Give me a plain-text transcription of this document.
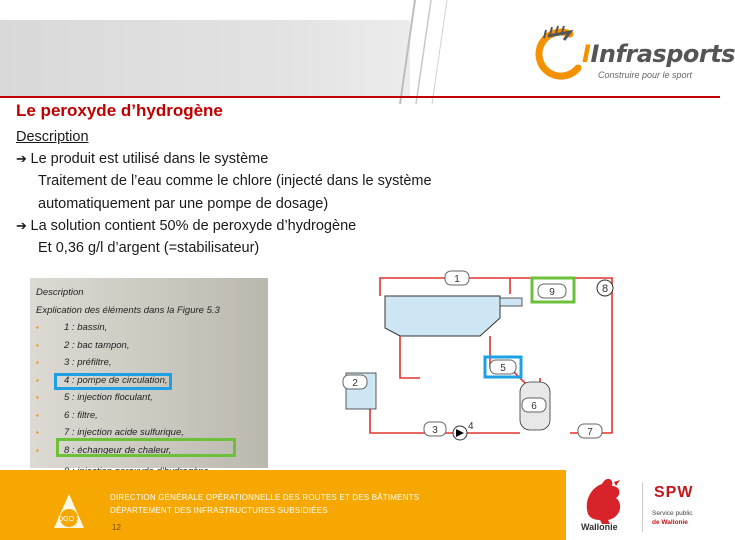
IInfrasports
Construire pour le sport
Le peroxyde d’hydrogène
Description
➔ Le produit est utilisé dans le système
Traitement de l’eau comme le chlore (injecté dans le système
automatiquement par une pompe de dosage)
➔ La solution contient 50% de peroxyde d’hydrogène
Et 0,36 g/l d’argent (=stabilisateur)
Description
Explication des éléments dans la Figure 5.3
▪	1 : bassin,
▪	2 : bac tampon,
▪	3 : préfiltre,
▪	4 : pompe de circulation,
▪	5 : injection floculant,
▪	6 : filtre,
▪	7 : injection acide sulfurique,
▪	8 : échangeur de chaleur,
8
1
2
3
5
6
7
9
4
DGO 1
DIRECTION GÉNÉRALE OPÉRATIONNELLE DES ROUTES ET DES BÂTIMENTS
DÉPARTEMENT DES INFRASTRUCTURES SUBSIDIÉES
12	Wallonie
SPW
Service public
de Wallonie
